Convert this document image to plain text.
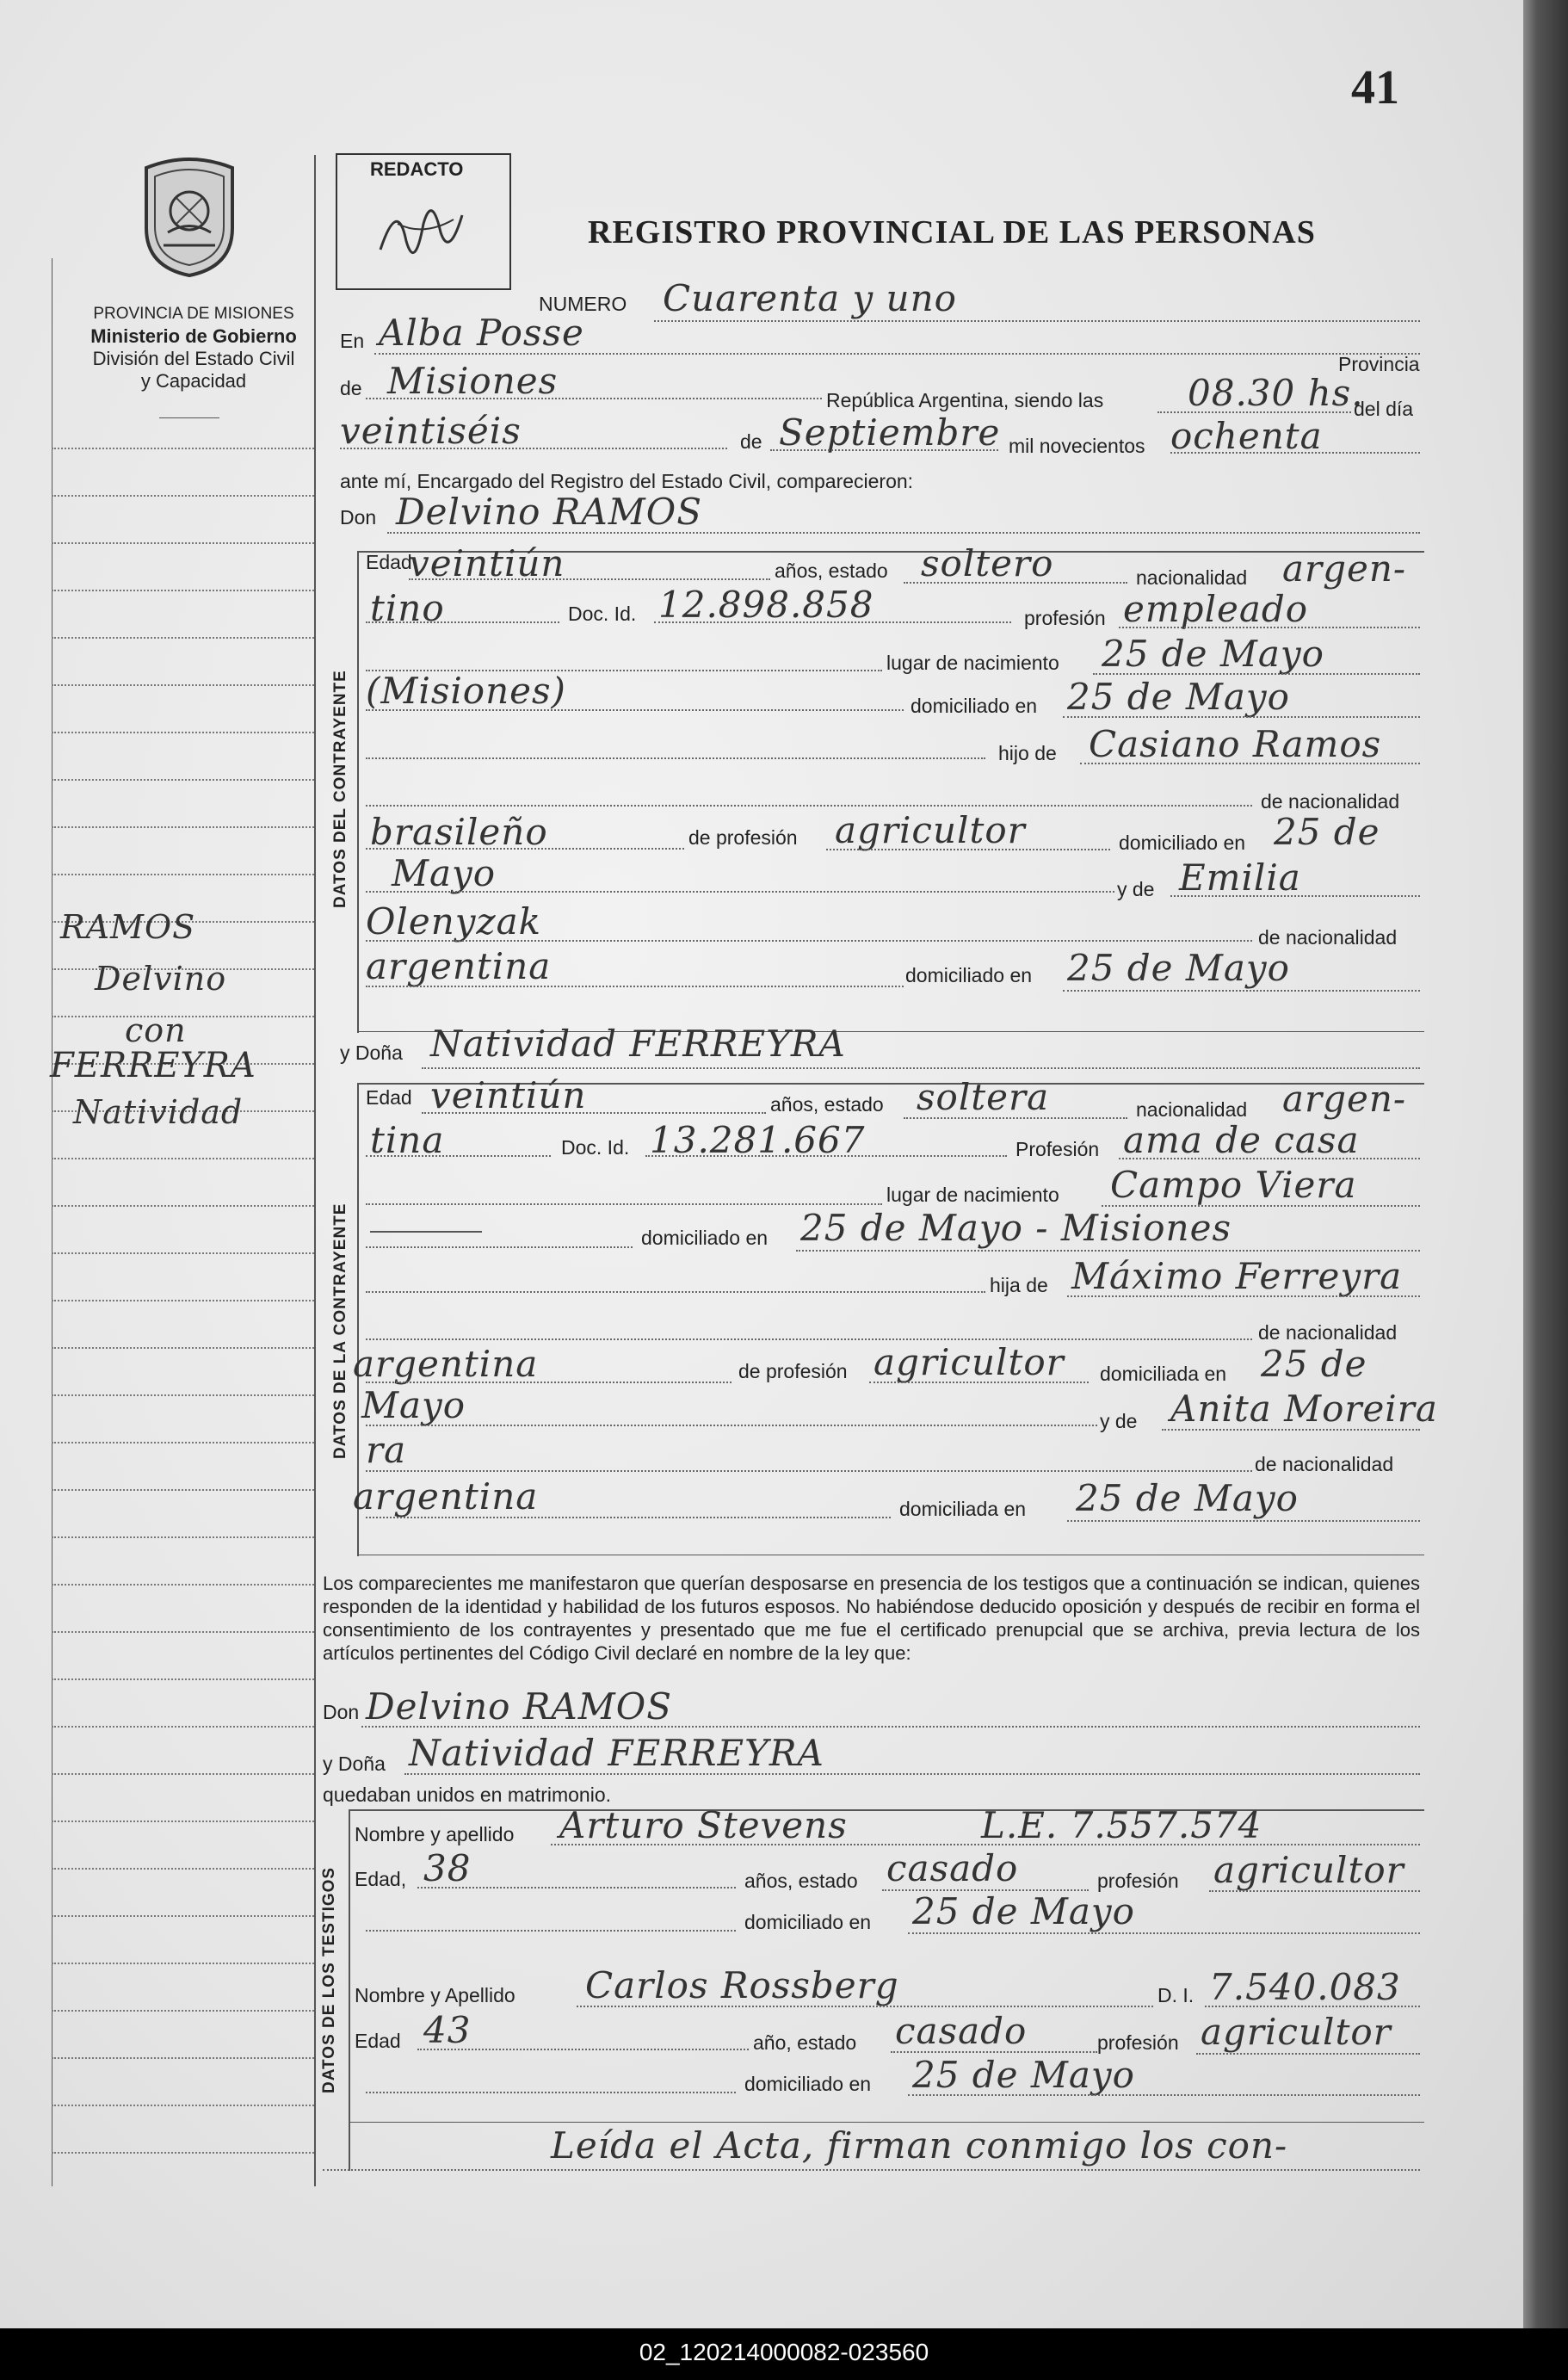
41
PROVINCIA DE MISIONES
Ministerio de Gobierno
División del Estado Civil
y Capacidad
RAMOS
Delvino
con
FERREYRA
Natividad
REDACTO
REGISTRO PROVINCIAL DE LAS PERSONAS
NUMERO Cuarenta y uno
En Alba Posse
Provincia
de Misiones	República Argentina, siendo las 08.30 hs.
del día
veintiséis	de Septiembre mil novecientos ochenta
ante mí, Encargado del Registro del Estado Civil, comparecieron:
Don Delvino RAMOS
DATOS DEL CONTRAYENTE
Edad
veintiún	años, estado soltero	nacionalidad argen-
tino	Doc. Id. 12.898.858	profesión empleado
lugar de nacimiento 25 de Mayo
(Misiones)	domiciliado en 25 de Mayo
hijo de Casiano Ramos
de nacionalidad
brasileño	de profesión agricultor	domiciliado en 25 de
Mayo	y de Emilia
Olenyzak	de nacionalidad
argentina	domiciliado en 25 de Mayo
y Doña Natividad FERREYRA
DATOS DE LA CONTRAYENTE
Edad veintiún	años, estado soltera	nacionalidad argen-
tina	Doc. Id. 13.281.667	Profesión ama de casa
lugar de nacimiento Campo Viera
domiciliado en 25 de Mayo - Misiones
hija de Máximo Ferreyra
de nacionalidad
argentina	de profesión agricultor domiciliada en 25 de
Mayo	y de Anita Moreira
ra	de nacionalidad
argentina	domiciliada en 25 de Mayo
Los comparecientes me manifestaron que querían desposarse en presencia de los testigos que a continuación se indican, quienes responden de la identidad y habilidad de los futuros esposos. No habiéndose deducido oposición y después de recibir en forma el consentimiento de los contrayentes y presentado que me fue el certificado prenupcial que se archiva, previa lectura de los artículos pertinentes del Código Civil declaré en nombre de la ley que:
Don Delvino RAMOS
y Doña Natividad FERREYRA
quedaban unidos en matrimonio.
DATOS DE LOS TESTIGOS
Nombre y apellido Arturo Stevens	L.E. 7.557.574
Edad, 38	años, estado casado	profesión agricultor
domiciliado en 25 de Mayo
Nombre y Apellido Carlos Rossberg	D. I. 7.540.083
Edad 43	año, estado casado	profesión agricultor
domiciliado en 25 de Mayo
Leída el Acta, firman conmigo los con-
02_120214000082-023560
